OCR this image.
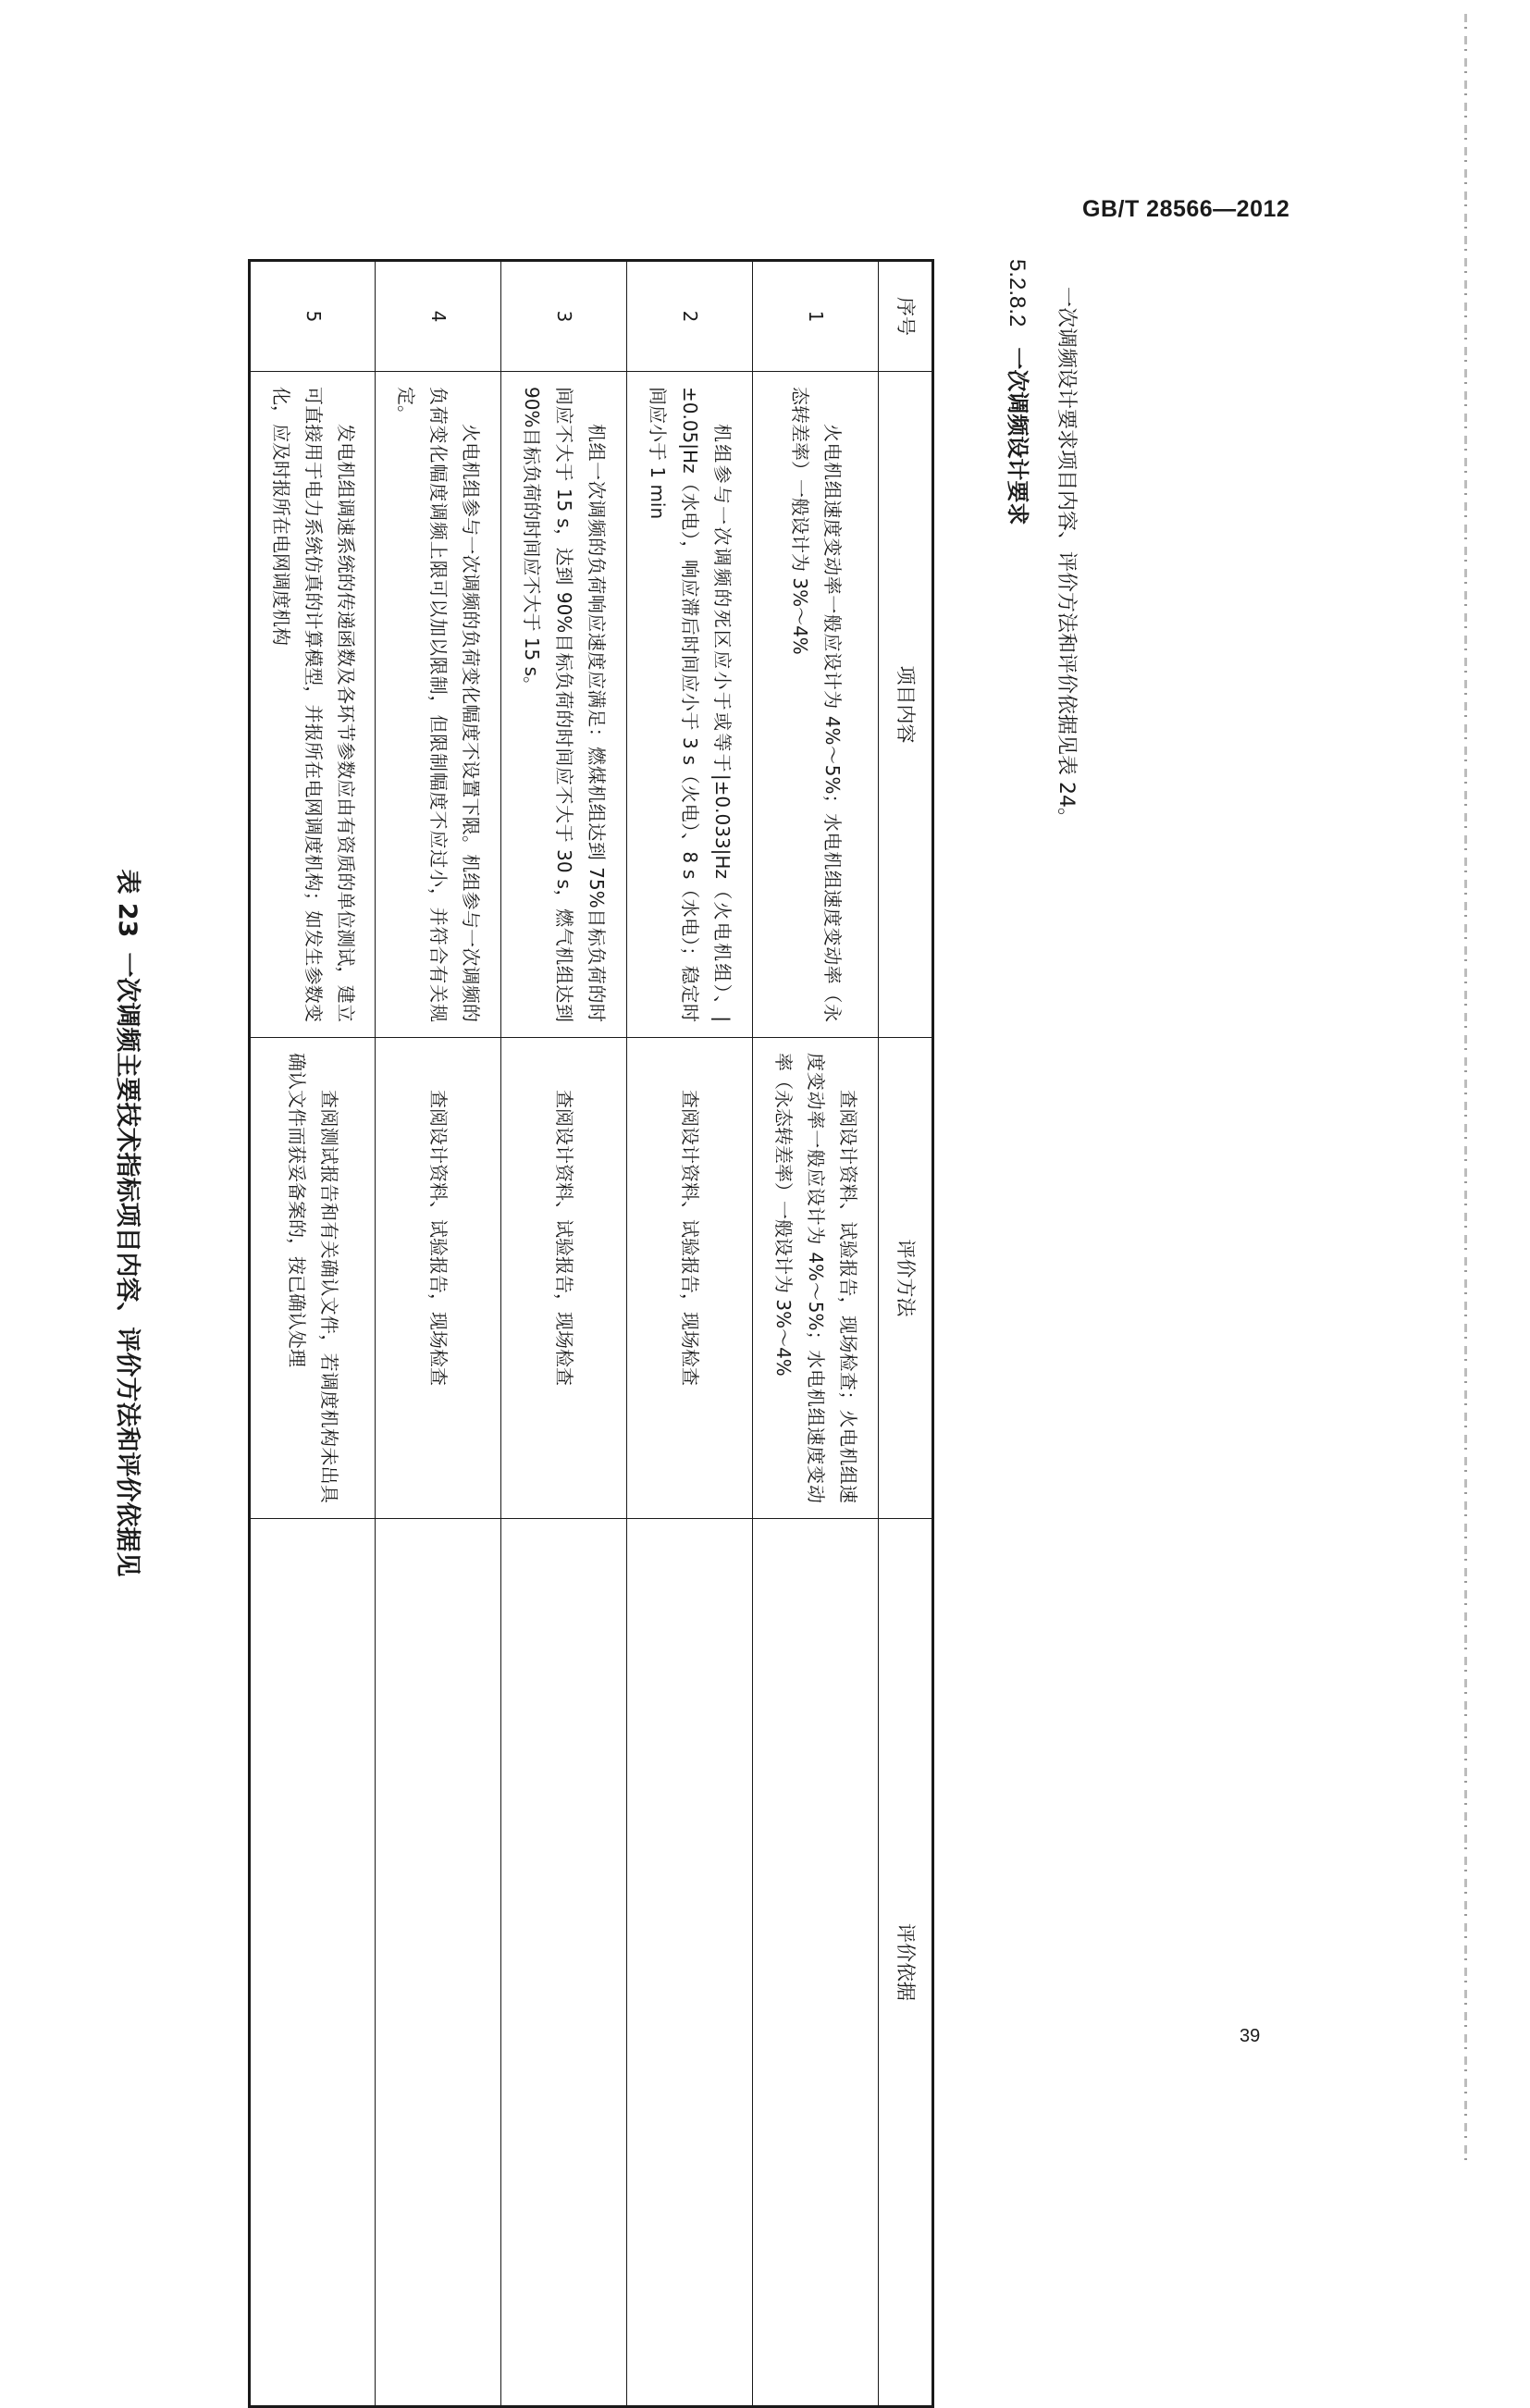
GB/T 28566—2012
表 23一次调频主要技术指标项目内容、评价方法和评价依据见
序号	项目内容	评价方法	评价依据
1	火电机组速度变动率一般应设计为 4%～5%；水电机组速度变动率（永态转差率）一般设计为 3%～4%	查阅设计资料、试验报告，现场检查；火电机组速度变动率一般应设计为 4%～5%；水电机组速度变动率（永态转差率）一般设计为 3%～4%	
2	机组参与一次调频的死区应小于或等于|±0.033|Hz（火电机组）、|±0.05|Hz（水电），响应滞后时间应小于 3 s（火电）、8 s（水电）；稳定时间应小于 1 min	查阅设计资料、试验报告，现场检查	
3	机组一次调频的负荷响应速度应满足：燃煤机组达到 75%目标负荷的时间应不大于 15 s，达到 90%目标负荷的时间应不大于 30 s，燃气机组达到 90%目标负荷的时间应不大于 15 s。	查阅设计资料、试验报告，现场检查	
4	火电机组参与一次调频的负荷变化幅度不设置下限。机组参与一次调频的负荷变化幅度调频上限可以加以限制，但限制幅度不应过小，并符合有关规定。	查阅设计资料、试验报告，现场检查	
5	发电机组调速系统的传递函数及各环节参数应由有资质的单位测试，建立可直接用于电力系统仿真的计算模型，并报所在电网调度机构；如发生参数变化，应及时报所在电网调度机构	查阅测试报告和有关确认文件，若调度机构未出具确认文件而获妥备案的，按已确认处理	
5.2.8.2一次调频设计要求 一次调频设计要求项目内容、评价方法和评价依据见表 24。
39
